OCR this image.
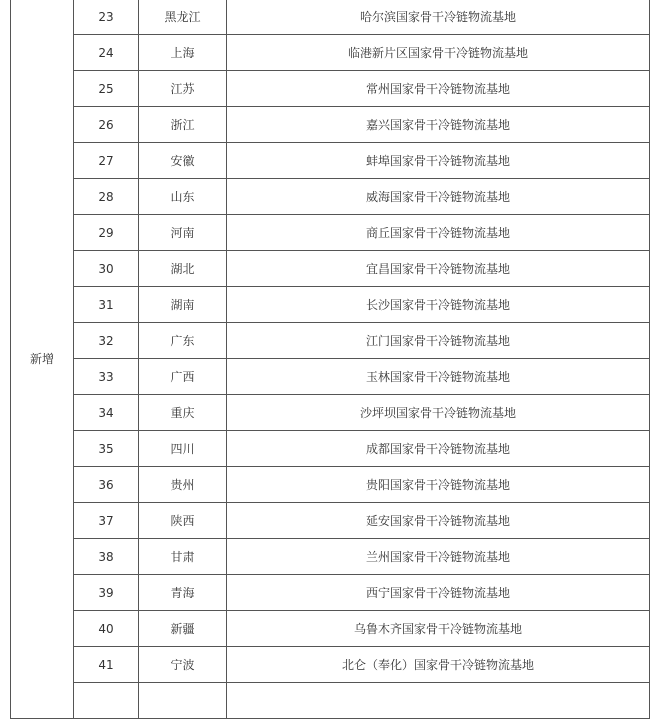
新增	23	黑龙江	哈尔滨国家骨干冷链物流基地
	24	上海	临港新片区国家骨干冷链物流基地
	25	江苏	常州国家骨干冷链物流基地
	26	浙江	嘉兴国家骨干冷链物流基地
	27	安徽	蚌埠国家骨干冷链物流基地
	28	山东	威海国家骨干冷链物流基地
	29	河南	商丘国家骨干冷链物流基地
	30	湖北	宜昌国家骨干冷链物流基地
	31	湖南	长沙国家骨干冷链物流基地
	32	广东	江门国家骨干冷链物流基地
	33	广西	玉林国家骨干冷链物流基地
	34	重庆	沙坪坝国家骨干冷链物流基地
	35	四川	成都国家骨干冷链物流基地
	36	贵州	贵阳国家骨干冷链物流基地
	37	陕西	延安国家骨干冷链物流基地
	38	甘肃	兰州国家骨干冷链物流基地
	39	青海	西宁国家骨干冷链物流基地
	40	新疆	乌鲁木齐国家骨干冷链物流基地
	41	宁波	北仑（奉化）国家骨干冷链物流基地
